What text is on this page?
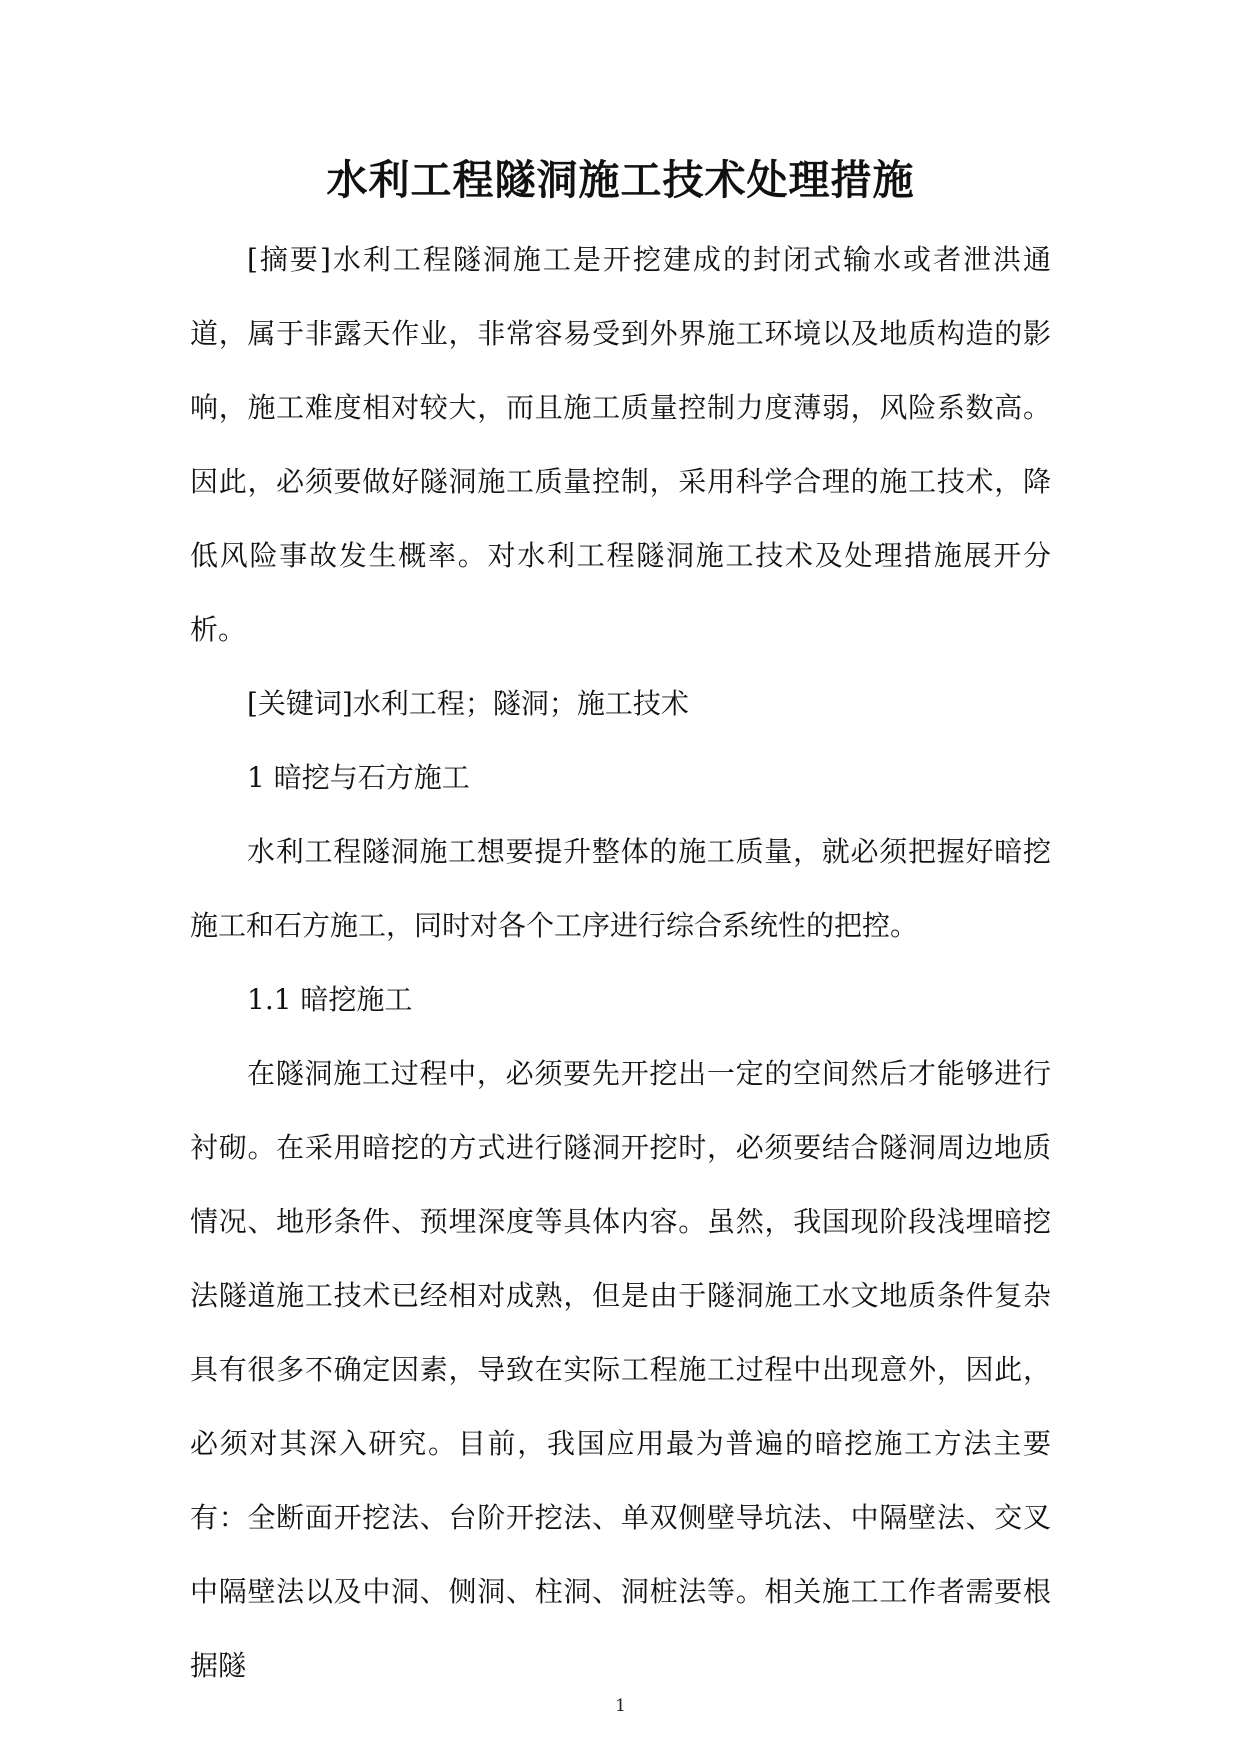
水利工程隧洞施工技术处理措施

[摘要]水利工程隧洞施工是开挖建成的封闭式输水或者泄洪通道，属于非露天作业，非常容易受到外界施工环境以及地质构造的影响，施工难度相对较大，而且施工质量控制力度薄弱，风险系数高。因此，必须要做好隧洞施工质量控制，采用科学合理的施工技术，降低风险事故发生概率。对水利工程隧洞施工技术及处理措施展开分析。

[关键词]水利工程；隧洞；施工技术

1 暗挖与石方施工

水利工程隧洞施工想要提升整体的施工质量，就必须把握好暗挖施工和石方施工，同时对各个工序进行综合系统性的把控。

1.1 暗挖施工

在隧洞施工过程中，必须要先开挖出一定的空间然后才能够进行衬砌。在采用暗挖的方式进行隧洞开挖时，必须要结合隧洞周边地质情况、地形条件、预埋深度等具体内容。虽然，我国现阶段浅埋暗挖法隧道施工技术已经相对成熟，但是由于隧洞施工水文地质条件复杂具有很多不确定因素，导致在实际工程施工过程中出现意外，因此，必须对其深入研究。目前，我国应用最为普遍的暗挖施工方法主要有：全断面开挖法、台阶开挖法、单双侧壁导坑法、中隔壁法、交叉中隔壁法以及中洞、侧洞、柱洞、洞桩法等。相关施工工作者需要根据隧

1
